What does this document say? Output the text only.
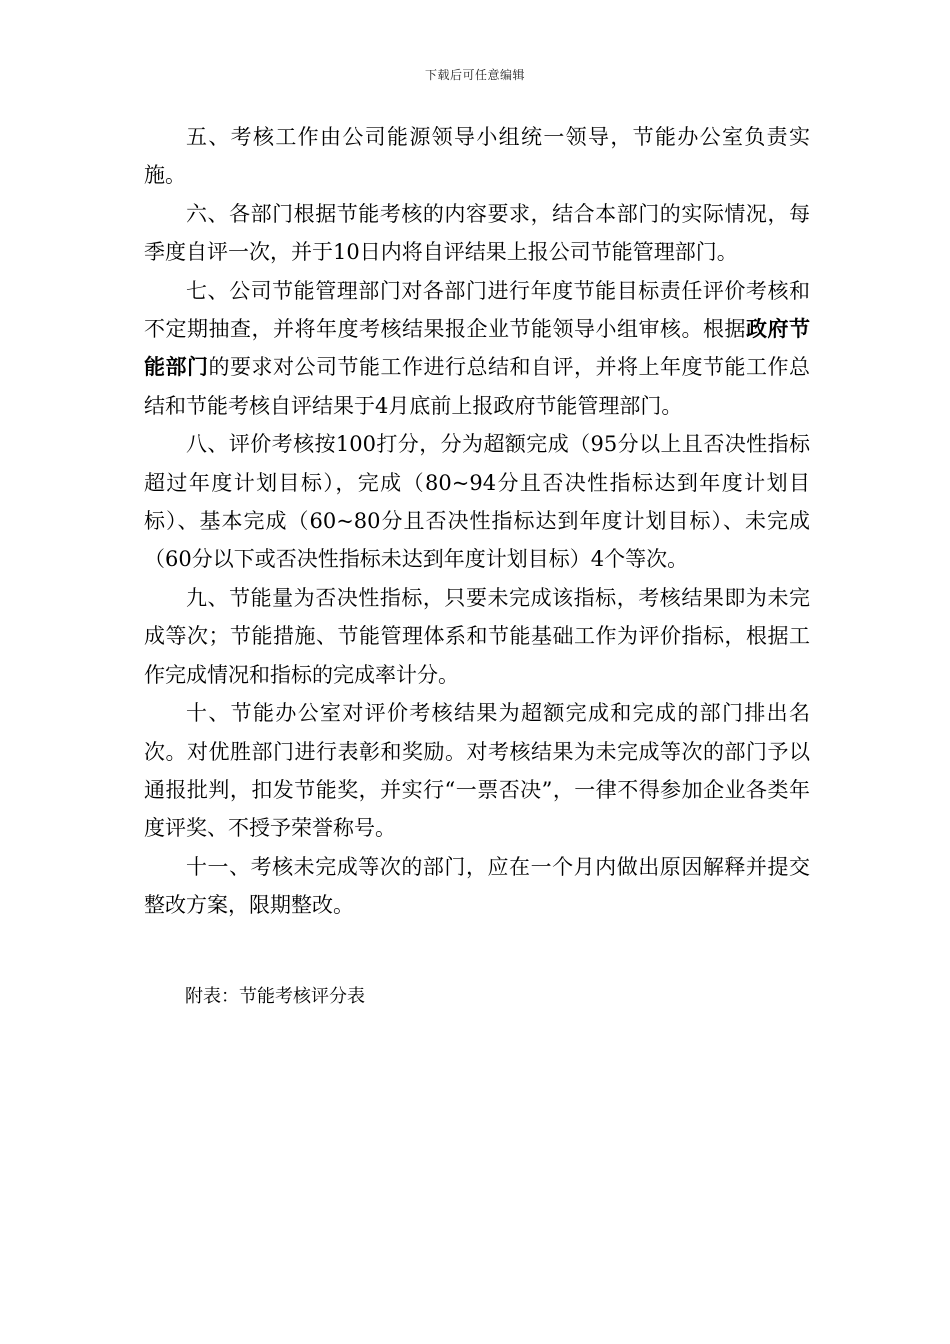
下载后可任意编辑

五、考核工作由公司能源领导小组统一领导，节能办公室负责实施。

六、各部门根据节能考核的内容要求，结合本部门的实际情况，每季度自评一次，并于10日内将自评结果上报公司节能管理部门。

七、公司节能管理部门对各部门进行年度节能目标责任评价考核和不定期抽查，并将年度考核结果报企业节能领导小组审核。根据政府节能部门的要求对公司节能工作进行总结和自评，并将上年度节能工作总结和节能考核自评结果于4月底前上报政府节能管理部门。

八、评价考核按100打分，分为超额完成（95分以上且否决性指标超过年度计划目标），完成（80~94分且否决性指标达到年度计划目标）、基本完成（60~80分且否决性指标达到年度计划目标）、未完成（60分以下或否决性指标未达到年度计划目标）4个等次。

九、节能量为否决性指标，只要未完成该指标，考核结果即为未完成等次；节能措施、节能管理体系和节能基础工作为评价指标，根据工作完成情况和指标的完成率计分。

十、节能办公室对评价考核结果为超额完成和完成的部门排出名次。对优胜部门进行表彰和奖励。对考核结果为未完成等次的部门予以通报批判，扣发节能奖，并实行“一票否决”，一律不得参加企业各类年度评奖、不授予荣誉称号。

十一、考核未完成等次的部门，应在一个月内做出原因解释并提交整改方案，限期整改。

附表：节能考核评分表
